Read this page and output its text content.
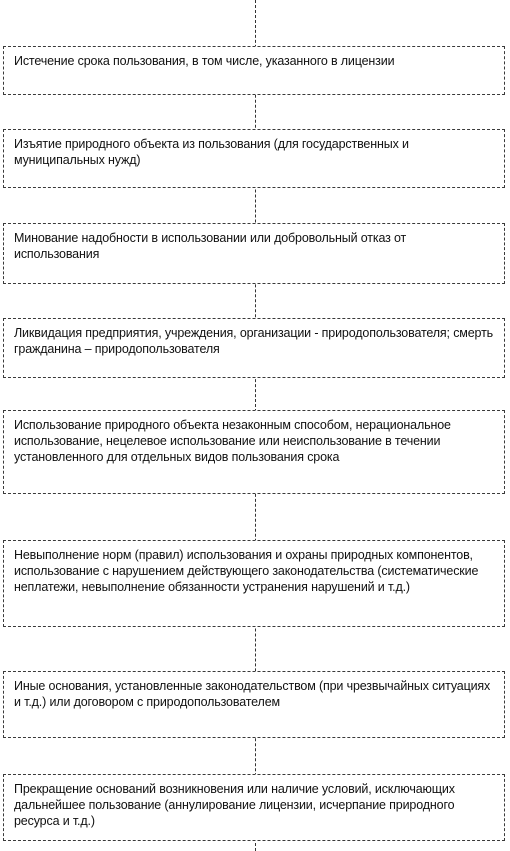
Истечение срока пользования, в том числе, указанного в лицензии
Изъятие природного объекта из пользования (для государственных и муниципальных нужд)
Минование надобности в использовании или добровольный отказ от использования
Ликвидация предприятия, учреждения, организации - природопользователя; смерть гражданина – природопользователя
Использование природного объекта незаконным способом, нерациональное использование, нецелевое использование или неиспользование в течении установленного для отдельных видов пользования срока
Невыполнение норм (правил) использования и охраны природных компонентов, использование с нарушением действующего законодательства (систематические неплатежи, невыполнение обязанности устранения нарушений и т.д.)
Иные основания, установленные законодательством (при чрезвычайных ситуациях и т.д.) или договором с природопользователем
Прекращение оснований возникновения или наличие условий, исключающих дальнейшее пользование (аннулирование лицензии, исчерпание природного ресурса и т.д.)
